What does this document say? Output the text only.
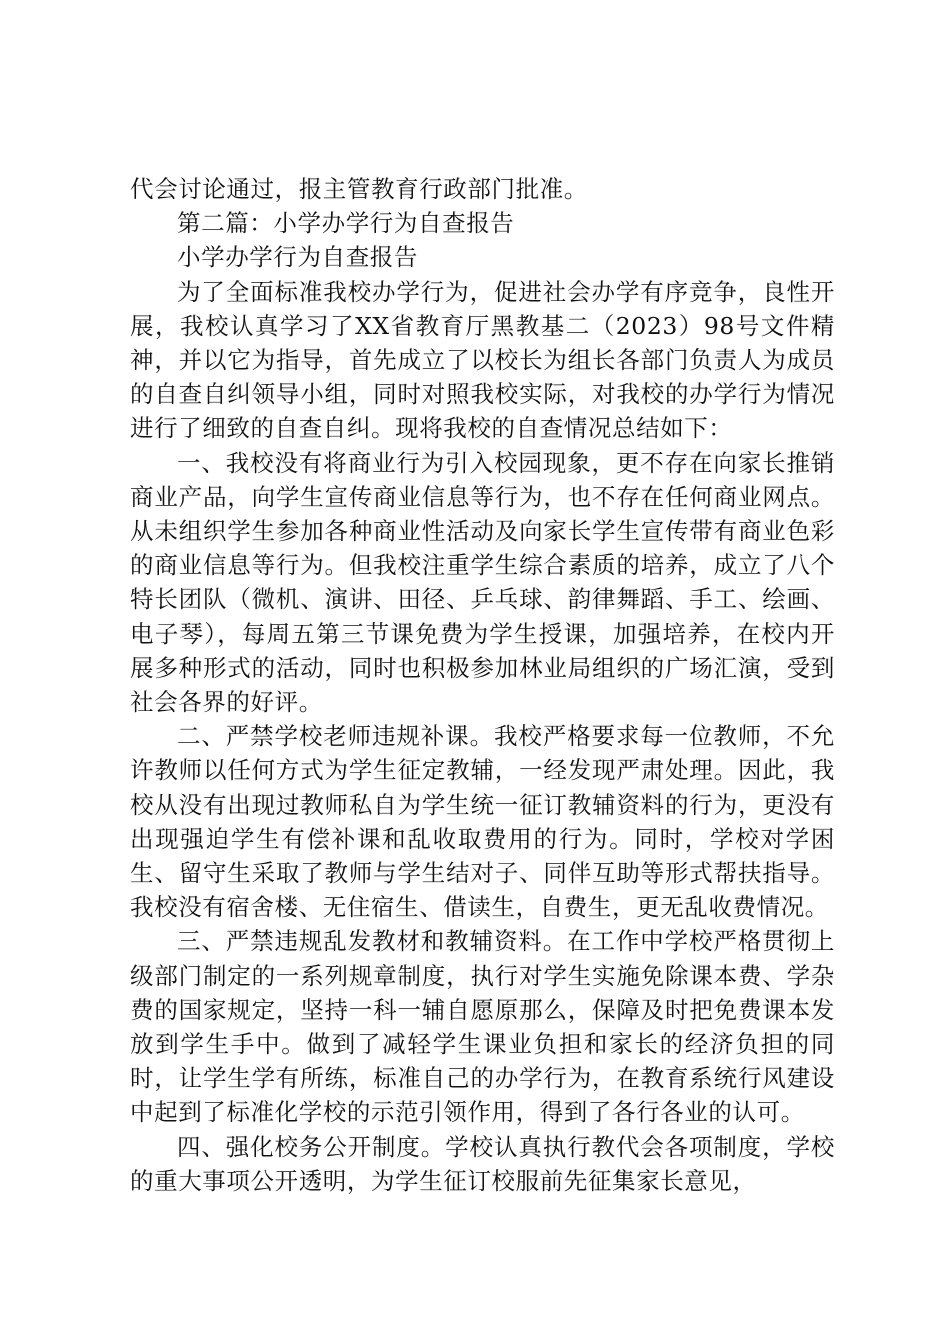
代会讨论通过，报主管教育行政部门批准。

第二篇：小学办学行为自查报告

小学办学行为自查报告

为了全面标准我校办学行为，促进社会办学有序竞争，良性开展，我校认真学习了XX省教育厅黑教基二（2023）98号文件精神，并以它为指导，首先成立了以校长为组长各部门负责人为成员的自查自纠领导小组，同时对照我校实际，对我校的办学行为情况进行了细致的自查自纠。现将我校的自查情况总结如下：

一、我校没有将商业行为引入校园现象，更不存在向家长推销商业产品，向学生宣传商业信息等行为，也不存在任何商业网点。从未组织学生参加各种商业性活动及向家长学生宣传带有商业色彩的商业信息等行为。但我校注重学生综合素质的培养，成立了八个特长团队（微机、演讲、田径、乒乓球、韵律舞蹈、手工、绘画、电子琴），每周五第三节课免费为学生授课，加强培养，在校内开展多种形式的活动，同时也积极参加林业局组织的广场汇演，受到社会各界的好评。

二、严禁学校老师违规补课。我校严格要求每一位教师，不允许教师以任何方式为学生征定教辅，一经发现严肃处理。因此，我校从没有出现过教师私自为学生统一征订教辅资料的行为，更没有出现强迫学生有偿补课和乱收取费用的行为。同时，学校对学困生、留守生采取了教师与学生结对子、同伴互助等形式帮扶指导。我校没有宿舍楼、无住宿生、借读生，自费生，更无乱收费情况。

三、严禁违规乱发教材和教辅资料。在工作中学校严格贯彻上级部门制定的一系列规章制度，执行对学生实施免除课本费、学杂费的国家规定，坚持一科一辅自愿原那么，保障及时把免费课本发放到学生手中。做到了减轻学生课业负担和家长的经济负担的同时，让学生学有所练，标准自己的办学行为，在教育系统行风建设中起到了标准化学校的示范引领作用，得到了各行各业的认可。

四、强化校务公开制度。学校认真执行教代会各项制度，学校的重大事项公开透明，为学生征订校服前先征集家长意见，
